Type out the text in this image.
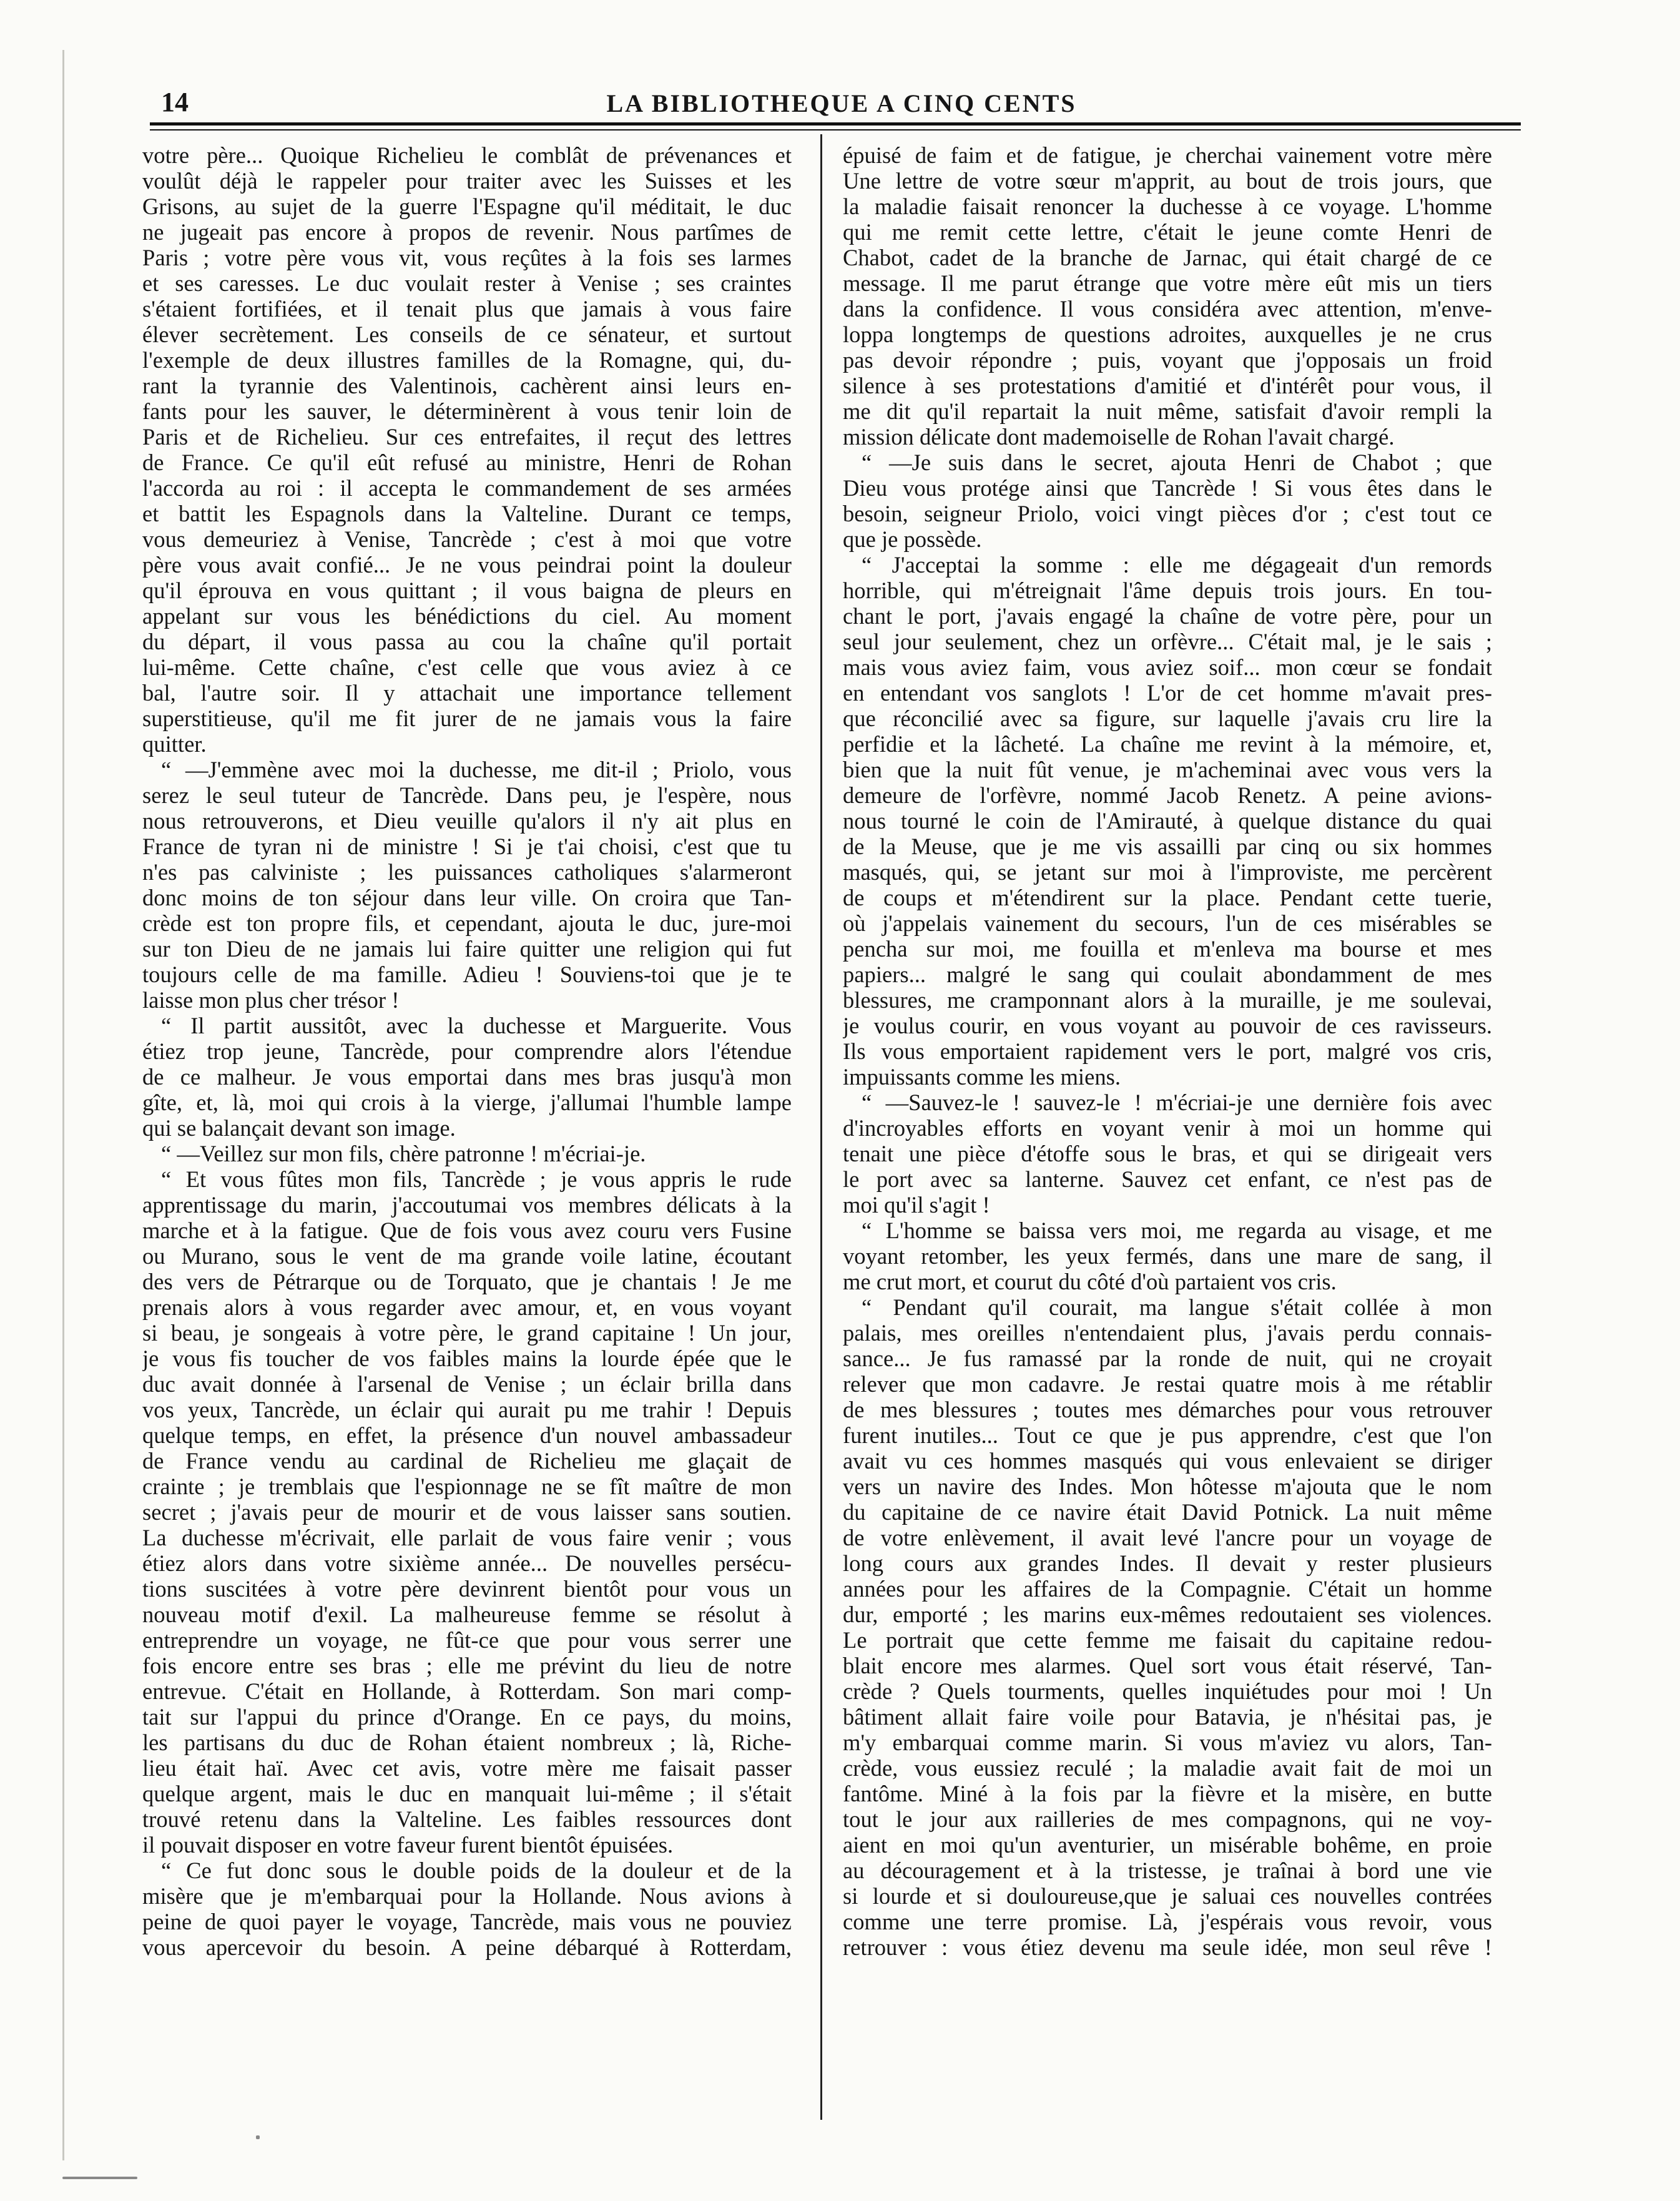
14	LA BIBLIOTHEQUE A CINQ CENTS
votre père... Quoique Richelieu le comblât de prévenances et
voulût déjà le rappeler pour traiter avec les Suisses et les
Grisons, au sujet de la guerre l'Espagne qu'il méditait, le duc
ne jugeait pas encore à propos de revenir. Nous partîmes de
Paris ; votre père vous vit, vous reçûtes à la fois ses larmes
et ses caresses. Le duc voulait rester à Venise ; ses craintes
s'étaient fortifiées, et il tenait plus que jamais à vous faire
élever secrètement. Les conseils de ce sénateur, et surtout
l'exemple de deux illustres familles de la Romagne, qui, du-
rant la tyrannie des Valentinois, cachèrent ainsi leurs en-
fants pour les sauver, le déterminèrent à vous tenir loin de
Paris et de Richelieu. Sur ces entrefaites, il reçut des lettres
de France. Ce qu'il eût refusé au ministre, Henri de Rohan
l'accorda au roi : il accepta le commandement de ses armées
et battit les Espagnols dans la Valteline. Durant ce temps,
vous demeuriez à Venise, Tancrède ; c'est à moi que votre
père vous avait confié... Je ne vous peindrai point la douleur
qu'il éprouva en vous quittant ; il vous baigna de pleurs en
appelant sur vous les bénédictions du ciel. Au moment
du départ, il vous passa au cou la chaîne qu'il portait
lui-même. Cette chaîne, c'est celle que vous aviez à ce
bal, l'autre soir. Il y attachait une importance tellement
superstitieuse, qu'il me fit jurer de ne jamais vous la faire
quitter.
“ —J'emmène avec moi la duchesse, me dit-il ; Priolo, vous
serez le seul tuteur de Tancrède. Dans peu, je l'espère, nous
nous retrouverons, et Dieu veuille qu'alors il n'y ait plus en
France de tyran ni de ministre ! Si je t'ai choisi, c'est que tu
n'es pas calviniste ; les puissances catholiques s'alarmeront
donc moins de ton séjour dans leur ville. On croira que Tan-
crède est ton propre fils, et cependant, ajouta le duc, jure-moi
sur ton Dieu de ne jamais lui faire quitter une religion qui fut
toujours celle de ma famille. Adieu ! Souviens-toi que je te
laisse mon plus cher trésor !
“ Il partit aussitôt, avec la duchesse et Marguerite. Vous
étiez trop jeune, Tancrède, pour comprendre alors l'étendue
de ce malheur. Je vous emportai dans mes bras jusqu'à mon
gîte, et, là, moi qui crois à la vierge, j'allumai l'humble lampe
qui se balançait devant son image.
“ —Veillez sur mon fils, chère patronne ! m'écriai-je.
“ Et vous fûtes mon fils, Tancrède ; je vous appris le rude
apprentissage du marin, j'accoutumai vos membres délicats à la
marche et à la fatigue. Que de fois vous avez couru vers Fusine
ou Murano, sous le vent de ma grande voile latine, écoutant
des vers de Pétrarque ou de Torquato, que je chantais ! Je me
prenais alors à vous regarder avec amour, et, en vous voyant
si beau, je songeais à votre père, le grand capitaine ! Un jour,
je vous fis toucher de vos faibles mains la lourde épée que le
duc avait donnée à l'arsenal de Venise ; un éclair brilla dans
vos yeux, Tancrède, un éclair qui aurait pu me trahir ! Depuis
quelque temps, en effet, la présence d'un nouvel ambassadeur
de France vendu au cardinal de Richelieu me glaçait de
crainte ; je tremblais que l'espionnage ne se fît maître de mon
secret ; j'avais peur de mourir et de vous laisser sans soutien.
La duchesse m'écrivait, elle parlait de vous faire venir ; vous
étiez alors dans votre sixième année... De nouvelles persécu-
tions suscitées à votre père devinrent bientôt pour vous un
nouveau motif d'exil. La malheureuse femme se résolut à
entreprendre un voyage, ne fût-ce que pour vous serrer une
fois encore entre ses bras ; elle me prévint du lieu de notre
entrevue. C'était en Hollande, à Rotterdam. Son mari comp-
tait sur l'appui du prince d'Orange. En ce pays, du moins,
les partisans du duc de Rohan étaient nombreux ; là, Riche-
lieu était haï. Avec cet avis, votre mère me faisait passer
quelque argent, mais le duc en manquait lui-même ; il s'était
trouvé retenu dans la Valteline. Les faibles ressources dont
il pouvait disposer en votre faveur furent bientôt épuisées.
“ Ce fut donc sous le double poids de la douleur et de la
misère que je m'embarquai pour la Hollande. Nous avions à
peine de quoi payer le voyage, Tancrède, mais vous ne pouviez
vous apercevoir du besoin. A peine débarqué à Rotterdam,
épuisé de faim et de fatigue, je cherchai vainement votre mère
Une lettre de votre sœur m'apprit, au bout de trois jours, que
la maladie faisait renoncer la duchesse à ce voyage. L'homme
qui me remit cette lettre, c'était le jeune comte Henri de
Chabot, cadet de la branche de Jarnac, qui était chargé de ce
message. Il me parut étrange que votre mère eût mis un tiers
dans la confidence. Il vous considéra avec attention, m'enve-
loppa longtemps de questions adroites, auxquelles je ne crus
pas devoir répondre ; puis, voyant que j'opposais un froid
silence à ses protestations d'amitié et d'intérêt pour vous, il
me dit qu'il repartait la nuit même, satisfait d'avoir rempli la
mission délicate dont mademoiselle de Rohan l'avait chargé.
“ —Je suis dans le secret, ajouta Henri de Chabot ; que
Dieu vous protége ainsi que Tancrède ! Si vous êtes dans le
besoin, seigneur Priolo, voici vingt pièces d'or ; c'est tout ce
que je possède.
“ J'acceptai la somme : elle me dégageait d'un remords
horrible, qui m'étreignait l'âme depuis trois jours. En tou-
chant le port, j'avais engagé la chaîne de votre père, pour un
seul jour seulement, chez un orfèvre... C'était mal, je le sais ;
mais vous aviez faim, vous aviez soif... mon cœur se fondait
en entendant vos sanglots ! L'or de cet homme m'avait pres-
que réconcilié avec sa figure, sur laquelle j'avais cru lire la
perfidie et la lâcheté. La chaîne me revint à la mémoire, et,
bien que la nuit fût venue, je m'acheminai avec vous vers la
demeure de l'orfèvre, nommé Jacob Renetz. A peine avions-
nous tourné le coin de l'Amirauté, à quelque distance du quai
de la Meuse, que je me vis assailli par cinq ou six hommes
masqués, qui, se jetant sur moi à l'improviste, me percèrent
de coups et m'étendirent sur la place. Pendant cette tuerie,
où j'appelais vainement du secours, l'un de ces misérables se
pencha sur moi, me fouilla et m'enleva ma bourse et mes
papiers... malgré le sang qui coulait abondamment de mes
blessures, me cramponnant alors à la muraille, je me soulevai,
je voulus courir, en vous voyant au pouvoir de ces ravisseurs.
Ils vous emportaient rapidement vers le port, malgré vos cris,
impuissants comme les miens.
“ —Sauvez-le ! sauvez-le ! m'écriai-je une dernière fois avec
d'incroyables efforts en voyant venir à moi un homme qui
tenait une pièce d'étoffe sous le bras, et qui se dirigeait vers
le port avec sa lanterne. Sauvez cet enfant, ce n'est pas de
moi qu'il s'agit !
“ L'homme se baissa vers moi, me regarda au visage, et me
voyant retomber, les yeux fermés, dans une mare de sang, il
me crut mort, et courut du côté d'où partaient vos cris.
“ Pendant qu'il courait, ma langue s'était collée à mon
palais, mes oreilles n'entendaient plus, j'avais perdu connais-
sance... Je fus ramassé par la ronde de nuit, qui ne croyait
relever que mon cadavre. Je restai quatre mois à me rétablir
de mes blessures ; toutes mes démarches pour vous retrouver
furent inutiles... Tout ce que je pus apprendre, c'est que l'on
avait vu ces hommes masqués qui vous enlevaient se diriger
vers un navire des Indes. Mon hôtesse m'ajouta que le nom
du capitaine de ce navire était David Potnick. La nuit même
de votre enlèvement, il avait levé l'ancre pour un voyage de
long cours aux grandes Indes. Il devait y rester plusieurs
années pour les affaires de la Compagnie. C'était un homme
dur, emporté ; les marins eux-mêmes redoutaient ses violences.
Le portrait que cette femme me faisait du capitaine redou-
blait encore mes alarmes. Quel sort vous était réservé, Tan-
crède ? Quels tourments, quelles inquiétudes pour moi ! Un
bâtiment allait faire voile pour Batavia, je n'hésitai pas, je
m'y embarquai comme marin. Si vous m'aviez vu alors, Tan-
crède, vous eussiez reculé ; la maladie avait fait de moi un
fantôme. Miné à la fois par la fièvre et la misère, en butte
tout le jour aux railleries de mes compagnons, qui ne voy-
aient en moi qu'un aventurier, un misérable bohême, en proie
au découragement et à la tristesse, je traînai à bord une vie
si lourde et si douloureuse,que je saluai ces nouvelles contrées
comme une terre promise. Là, j'espérais vous revoir, vous
retrouver : vous étiez devenu ma seule idée, mon seul rêve !
